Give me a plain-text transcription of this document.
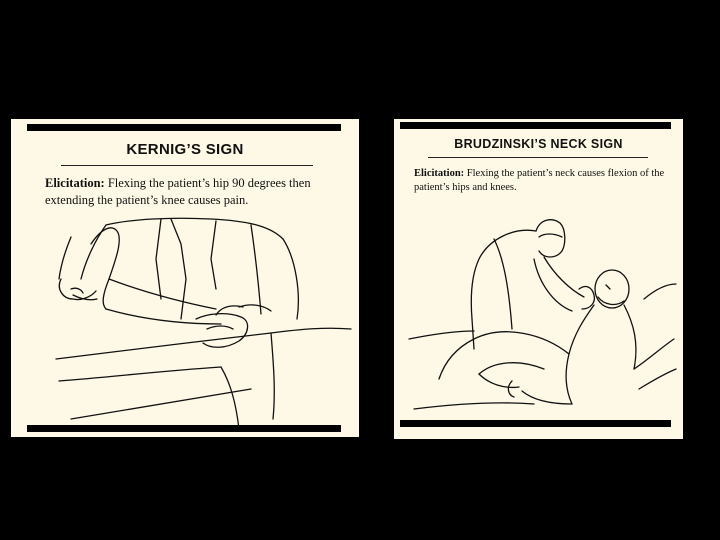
KERNIG’S SIGN
Elicitation: Flexing the patient’s hip 90 degrees then extending the patient’s knee causes pain.
BRUDZINSKI’S NECK SIGN
Elicitation: Flexing the patient’s neck causes flexion of the patient’s hips and knees.
